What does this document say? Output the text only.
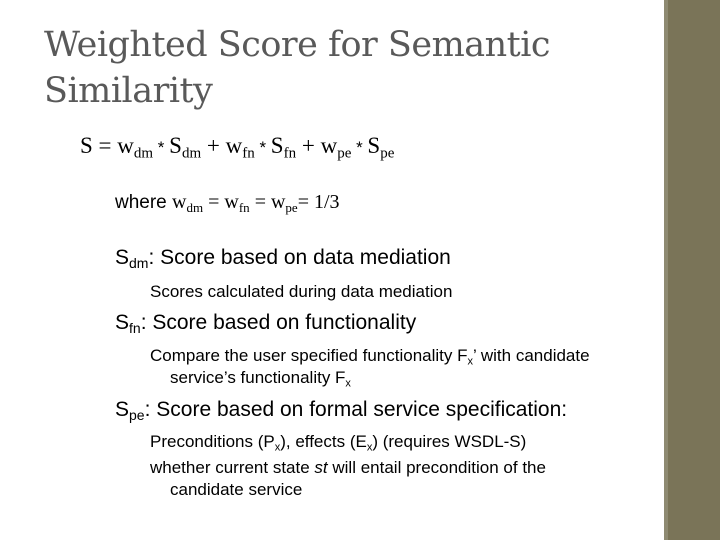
Weighted Score for Semantic Similarity
$S = w_{dm} * S_{dm} + w_{fn} * S_{fn} + w_{pe} * S_{pe}$
where $w_{dm} = w_{fn} = w_{pe}= 1/3$
$S_{dm}$: Score based on data mediation
Scores calculated during data mediation
$S_{fn}$: Score based on functionality
Compare the user specified functionality $F_x$’ with candidate
service’s functionality $F_x$
$S_{pe}$: Score based on formal service specification:
Preconditions $(P_x)$, effects $(E_x)$ (requires WSDL-S)
whether current state st will entail precondition of the
candidate service
